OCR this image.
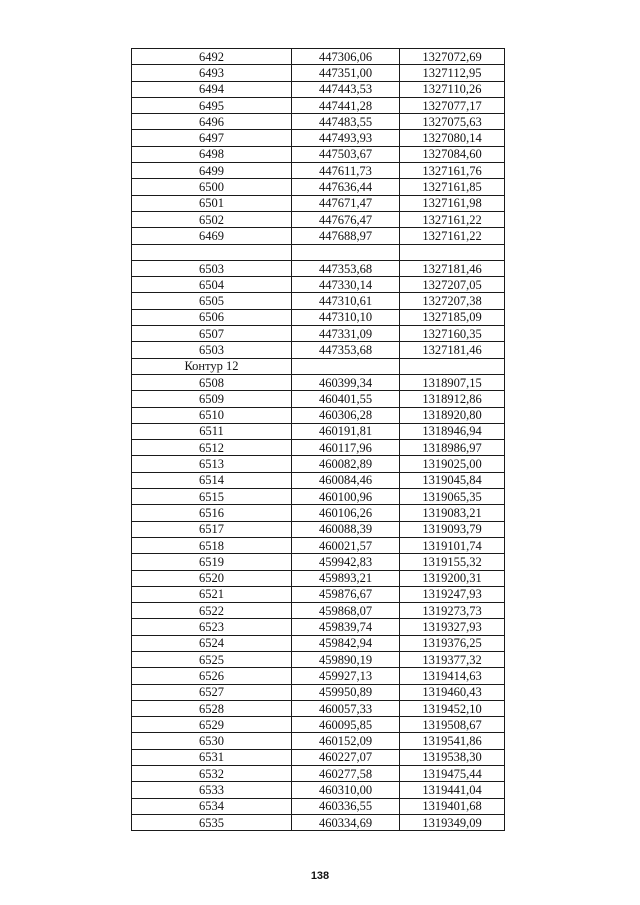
6492	447306,06	1327072,69
6493	447351,00	1327112,95
6494	447443,53	1327110,26
6495	447441,28	1327077,17
6496	447483,55	1327075,63
6497	447493,93	1327080,14
6498	447503,67	1327084,60
6499	447611,73	1327161,76
6500	447636,44	1327161,85
6501	447671,47	1327161,98
6502	447676,47	1327161,22
6469	447688,97	1327161,22

6503	447353,68	1327181,46
6504	447330,14	1327207,05
6505	447310,61	1327207,38
6506	447310,10	1327185,09
6507	447331,09	1327160,35
6503	447353,68	1327181,46
Контур 12		
6508	460399,34	1318907,15
6509	460401,55	1318912,86
6510	460306,28	1318920,80
6511	460191,81	1318946,94
6512	460117,96	1318986,97
6513	460082,89	1319025,00
6514	460084,46	1319045,84
6515	460100,96	1319065,35
6516	460106,26	1319083,21
6517	460088,39	1319093,79
6518	460021,57	1319101,74
6519	459942,83	1319155,32
6520	459893,21	1319200,31
6521	459876,67	1319247,93
6522	459868,07	1319273,73
6523	459839,74	1319327,93
6524	459842,94	1319376,25
6525	459890,19	1319377,32
6526	459927,13	1319414,63
6527	459950,89	1319460,43
6528	460057,33	1319452,10
6529	460095,85	1319508,67
6530	460152,09	1319541,86
6531	460227,07	1319538,30
6532	460277,58	1319475,44
6533	460310,00	1319441,04
6534	460336,55	1319401,68
6535	460334,69	1319349,09
138
